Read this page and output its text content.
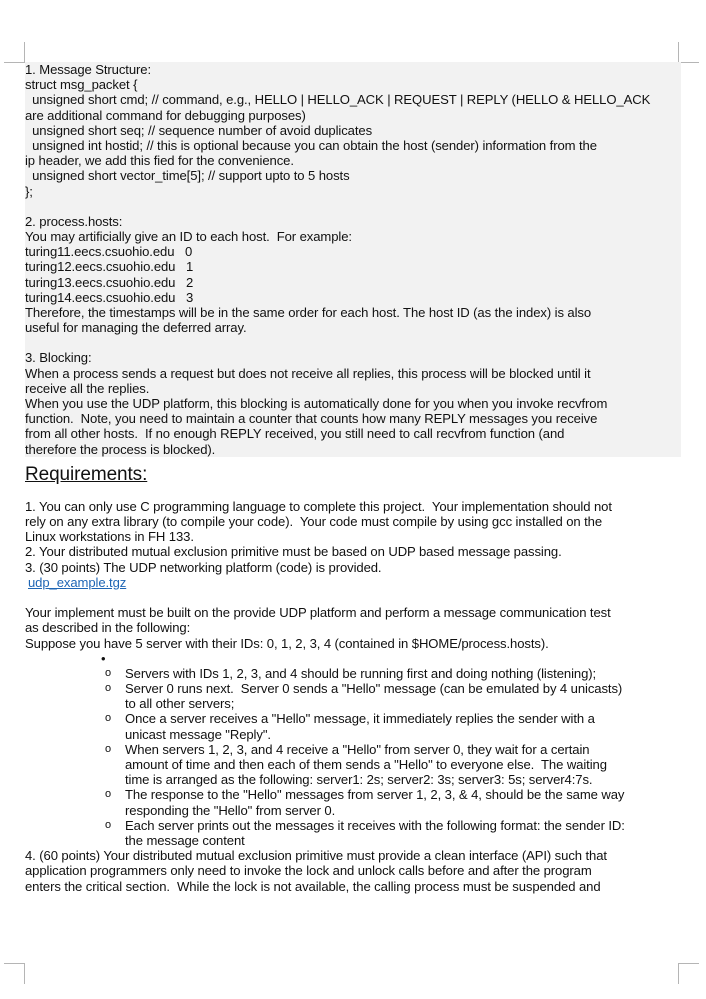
1. Message Structure:
struct msg_packet {
unsigned short cmd; // command, e.g., HELLO | HELLO_ACK | REQUEST | REPLY (HELLO & HELLO_ACK
are additional command for debugging purposes)
unsigned short seq; // sequence number of avoid duplicates
unsigned int hostid; // this is optional because you can obtain the host (sender) information from the
ip header, we add this fied for the convenience.
unsigned short vector_time[5]; // support upto to 5 hosts
};
2. process.hosts:
You may artificially give an ID to each host.  For example:
turing11.eecs.csuohio.edu   0
turing12.eecs.csuohio.edu   1
turing13.eecs.csuohio.edu   2
turing14.eecs.csuohio.edu   3
Therefore, the timestamps will be in the same order for each host. The host ID (as the index) is also
useful for managing the deferred array.
3. Blocking:
When a process sends a request but does not receive all replies, this process will be blocked until it
receive all the replies.
When you use the UDP platform, this blocking is automatically done for you when you invoke recvfrom
function.  Note, you need to maintain a counter that counts how many REPLY messages you receive
from all other hosts.  If no enough REPLY received, you still need to call recvfrom function (and
therefore the process is blocked).
Requirements:
1. You can only use C programming language to complete this project.  Your implementation should not
rely on any extra library (to compile your code).  Your code must compile by using gcc installed on the
Linux workstations in FH 133.
2. Your distributed mutual exclusion primitive must be based on UDP based message passing.
3. (30 points) The UDP networking platform (code) is provided.
udp_example.tgz
Your implement must be built on the provide UDP platform and perform a message communication test
as described in the following:
Suppose you have 5 server with their IDs: 0, 1, 2, 3, 4 (contained in $HOME/process.hosts).
•
o Servers with IDs 1, 2, 3, and 4 should be running first and doing nothing (listening);
o Server 0 runs next.  Server 0 sends a "Hello" message (can be emulated by 4 unicasts)
to all other servers;
o Once a server receives a "Hello" message, it immediately replies the sender with a
unicast message "Reply".
o When servers 1, 2, 3, and 4 receive a "Hello" from server 0, they wait for a certain
amount of time and then each of them sends a "Hello" to everyone else.  The waiting
time is arranged as the following: server1: 2s; server2: 3s; server3: 5s; server4:7s.
o The response to the "Hello" messages from server 1, 2, 3, & 4, should be the same way
responding the "Hello" from server 0.
o Each server prints out the messages it receives with the following format: the sender ID:
the message content
4. (60 points) Your distributed mutual exclusion primitive must provide a clean interface (API) such that
application programmers only need to invoke the lock and unlock calls before and after the program
enters the critical section.  While the lock is not available, the calling process must be suspended and
